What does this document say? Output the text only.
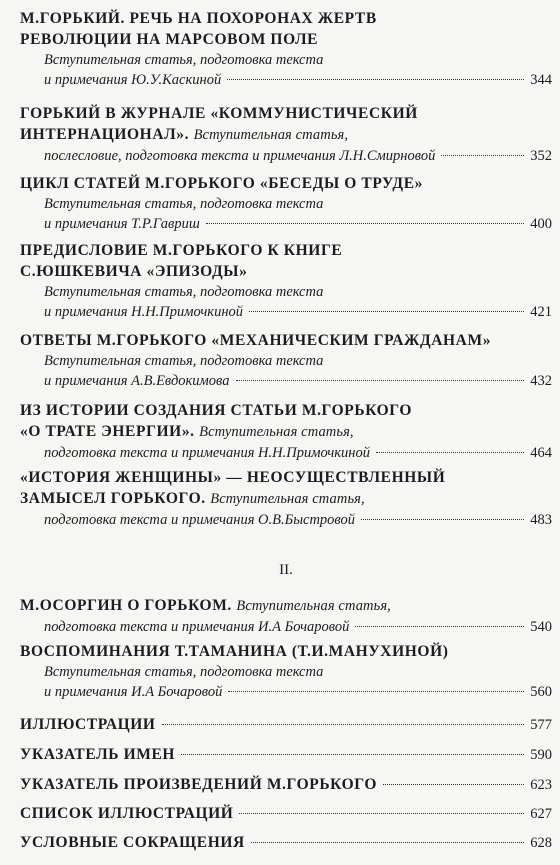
М.ГОРЬКИЙ. РЕЧЬ НА ПОХОРОНАХ ЖЕРТВ
РЕВОЛЮЦИИ НА МАРСОВОМ ПОЛЕ
Вступительная статья, подготовка текста
и примечания Ю.У.Каскиной	344
ГОРЬКИЙ В ЖУРНАЛЕ «КОММУНИСТИЧЕСКИЙ
ИНТЕРНАЦИОНАЛ». Вступительная статья,
послесловие, подготовка текста и примечания Л.Н.Смирновой	352
ЦИКЛ СТАТЕЙ М.ГОРЬКОГО «БЕСЕДЫ О ТРУДЕ»
Вступительная статья, подготовка текста
и примечания Т.Р.Гавриш	400
ПРЕДИСЛОВИЕ М.ГОРЬКОГО К КНИГЕ
С.ЮШКЕВИЧА «ЭПИЗОДЫ»
Вступительная статья, подготовка текста
и примечания Н.Н.Примочкиной	421
ОТВЕТЫ М.ГОРЬКОГО «МЕХАНИЧЕСКИМ ГРАЖДАНАМ»
Вступительная статья, подготовка текста
и примечания А.В.Евдокимова	432
ИЗ ИСТОРИИ СОЗДАНИЯ СТАТЬИ М.ГОРЬКОГО
«О ТРАТЕ ЭНЕРГИИ». Вступительная статья,
подготовка текста и примечания Н.Н.Примочкиной	464
«ИСТОРИЯ ЖЕНЩИНЫ» — НЕОСУЩЕСТВЛЕННЫЙ
ЗАМЫСЕЛ ГОРЬКОГО. Вступительная статья,
подготовка текста и примечания О.В.Быстровой	483
II.
М.ОСОРГИН О ГОРЬКОМ. Вступительная статья,
подготовка текста и примечания И.А Бочаровой	540
ВОСПОМИНАНИЯ Т.ТАМАНИНА (Т.И.МАНУХИНОЙ)
Вступительная статья, подготовка текста
и примечания И.А Бочаровой	560
ИЛЛЮСТРАЦИИ	577
УКАЗАТЕЛЬ ИМЕН	590
УКАЗАТЕЛЬ ПРОИЗВЕДЕНИЙ М.ГОРЬКОГО	623
СПИСОК ИЛЛЮСТРАЦИЙ	627
УСЛОВНЫЕ СОКРАЩЕНИЯ	628
